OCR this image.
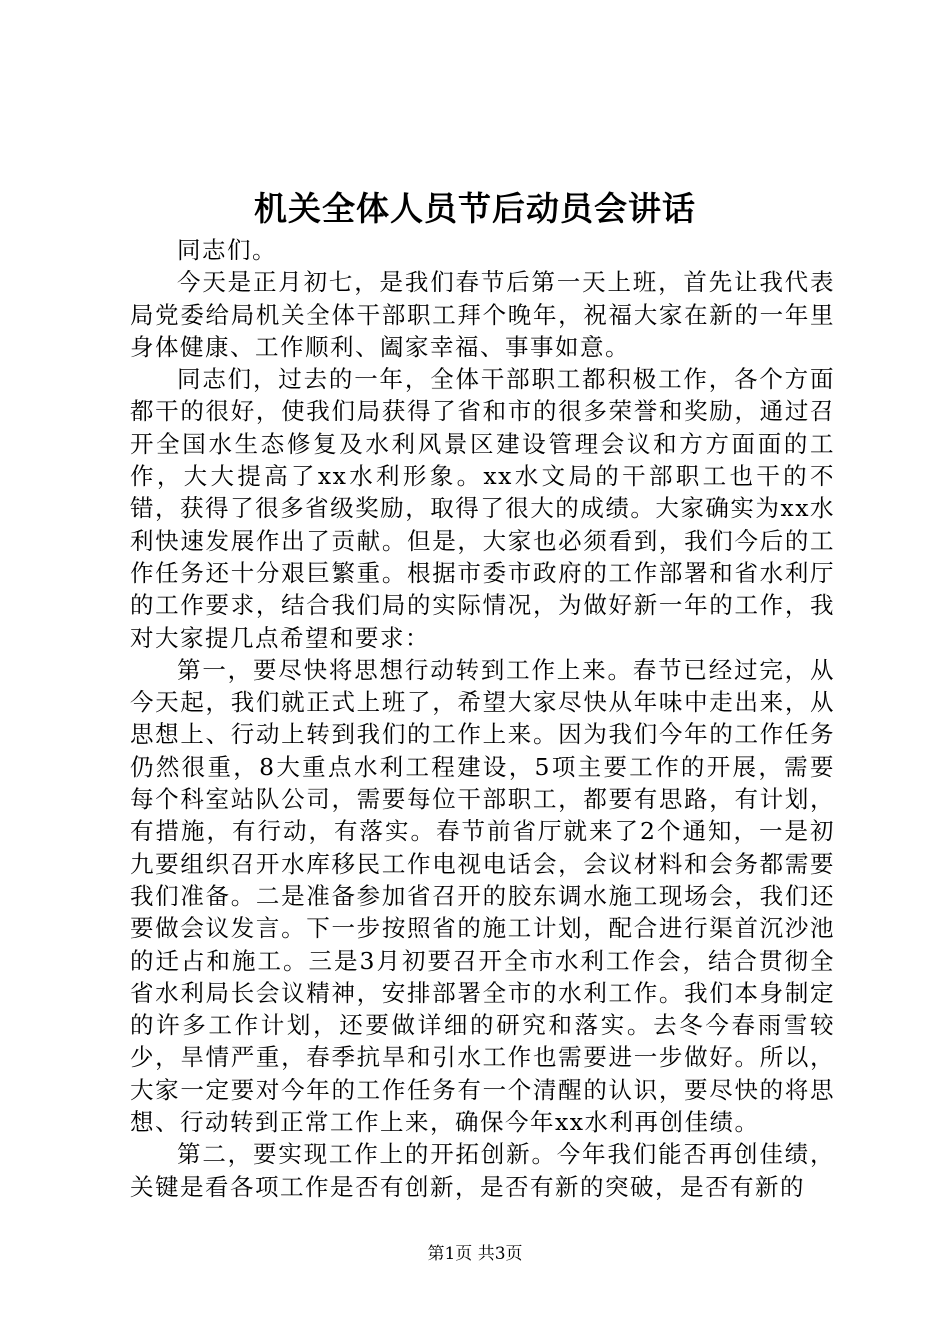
机关全体人员节后动员会讲话

同志们。

今天是正月初七，是我们春节后第一天上班，首先让我代表局党委给局机关全体干部职工拜个晚年，祝福大家在新的一年里身体健康、工作顺利、阖家幸福、事事如意。

同志们，过去的一年，全体干部职工都积极工作，各个方面都干的很好，使我们局获得了省和市的很多荣誉和奖励，通过召开全国水生态修复及水利风景区建设管理会议和方方面面的工作，大大提高了xx水利形象。xx水文局的干部职工也干的不错，获得了很多省级奖励，取得了很大的成绩。大家确实为xx水利快速发展作出了贡献。但是，大家也必须看到，我们今后的工作任务还十分艰巨繁重。根据市委市政府的工作部署和省水利厅的工作要求，结合我们局的实际情况，为做好新一年的工作，我对大家提几点希望和要求：

第一，要尽快将思想行动转到工作上来。春节已经过完，从今天起，我们就正式上班了，希望大家尽快从年味中走出来，从思想上、行动上转到我们的工作上来。因为我们今年的工作任务仍然很重，8大重点水利工程建设，5项主要工作的开展，需要每个科室站队公司，需要每位干部职工，都要有思路，有计划，有措施，有行动，有落实。春节前省厅就来了2个通知，一是初九要组织召开水库移民工作电视电话会，会议材料和会务都需要我们准备。二是准备参加省召开的胶东调水施工现场会，我们还要做会议发言。下一步按照省的施工计划，配合进行渠首沉沙池的迁占和施工。三是3月初要召开全市水利工作会，结合贯彻全省水利局长会议精神，安排部署全市的水利工作。我们本身制定的许多工作计划，还要做详细的研究和落实。去冬今春雨雪较少，旱情严重，春季抗旱和引水工作也需要进一步做好。所以，大家一定要对今年的工作任务有一个清醒的认识，要尽快的将思想、行动转到正常工作上来，确保今年xx水利再创佳绩。

第二，要实现工作上的开拓创新。今年我们能否再创佳绩，关键是看各项工作是否有创新，是否有新的突破，是否有新的

第1页 共3页
